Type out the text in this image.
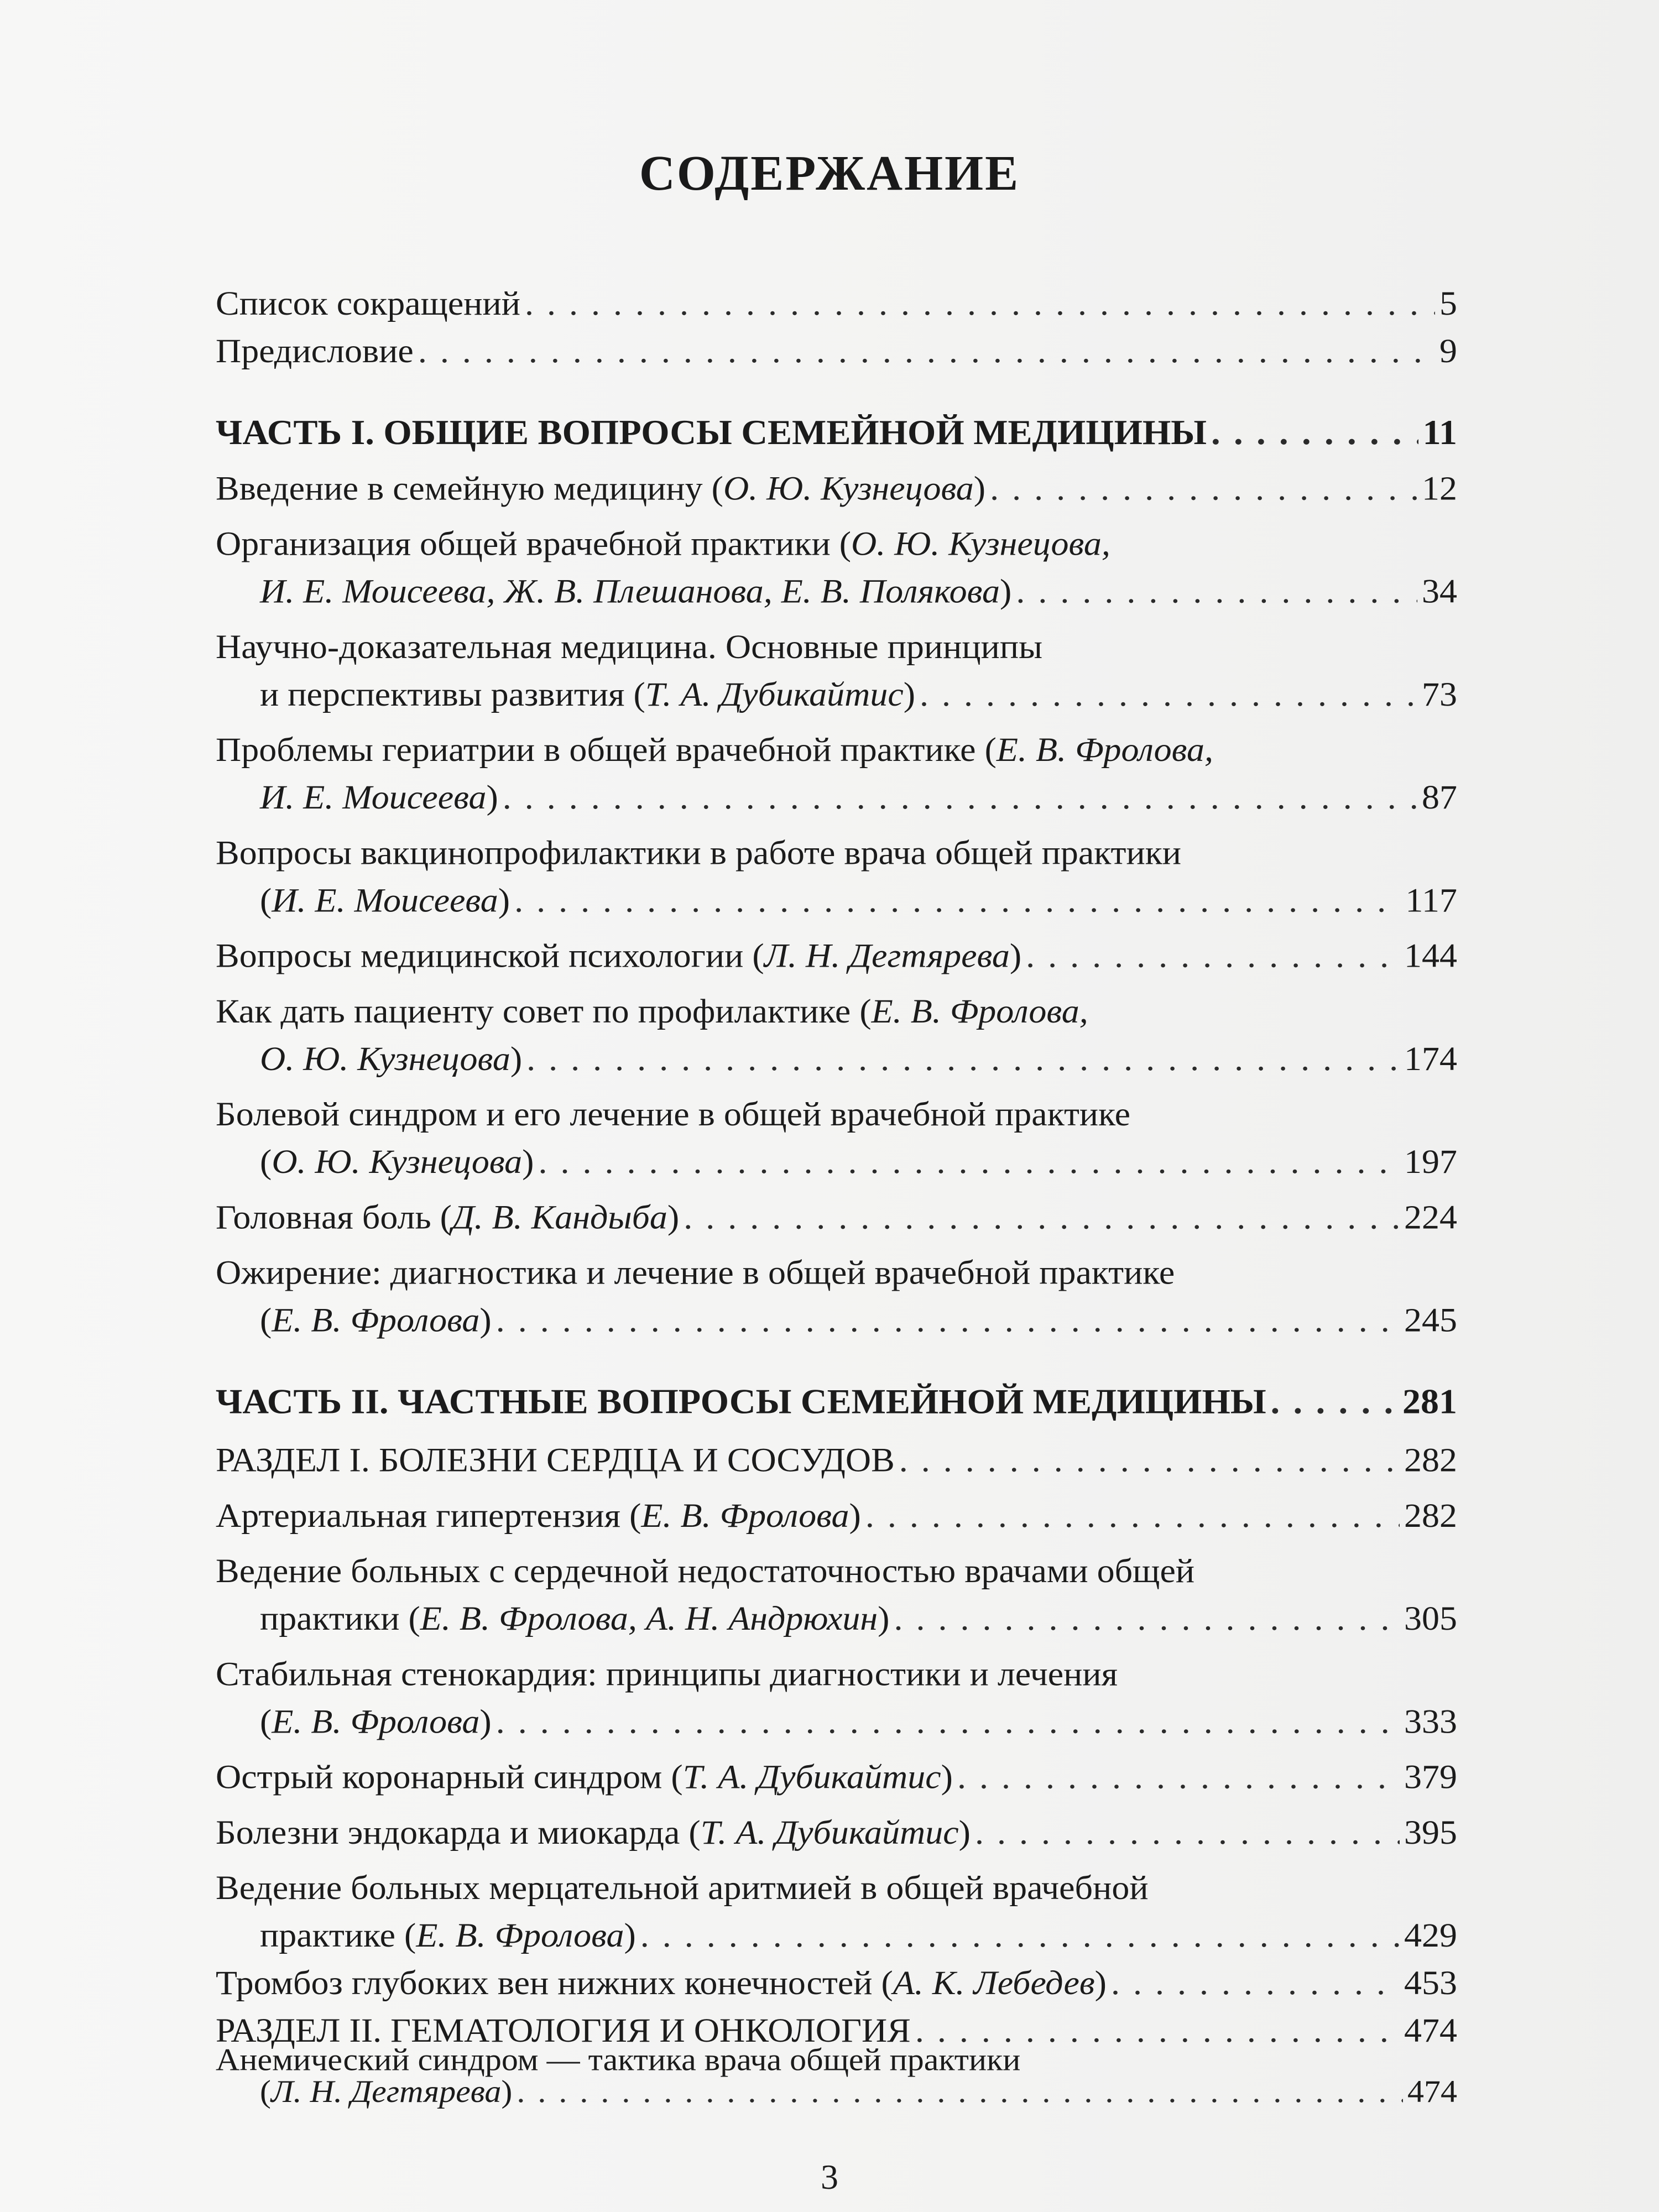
СОДЕРЖАНИЕ
Список сокращений . . .	5
Предисловие . . .	9
ЧАСТЬ I. ОБЩИЕ ВОПРОСЫ СЕМЕЙНОЙ МЕДИЦИНЫ . . .	11
Введение в семейную медицину (О. Ю. Кузнецова) . . .	12
Организация общей врачебной практики (О. Ю. Кузнецова,
И. Е. Моисеева, Ж. В. Плешанова, Е. В. Полякова) . . .	34
Научно-доказательная медицина. Основные принципы
и перспективы развития (Т. А. Дубикайтис) . . .	73
Проблемы гериатрии в общей врачебной практике (Е. В. Фролова,
И. Е. Моисеева) . . .	87
Вопросы вакцинопрофилактики в работе врача общей практики
(И. Е. Моисеева) . . .	117
Вопросы медицинской психологии (Л. Н. Дегтярева) . . .	144
Как дать пациенту совет по профилактике (Е. В. Фролова,
О. Ю. Кузнецова) . . .	174
Болевой синдром и его лечение в общей врачебной практике
(О. Ю. Кузнецова) . . .	197
Головная боль (Д. В. Кандыба) . . .	224
Ожирение: диагностика и лечение в общей врачебной практике
(Е. В. Фролова) . . .	245
ЧАСТЬ II. ЧАСТНЫЕ ВОПРОСЫ СЕМЕЙНОЙ МЕДИЦИНЫ . . .	281
РАЗДЕЛ I. БОЛЕЗНИ СЕРДЦА И СОСУДОВ . . .	282
Артериальная гипертензия (Е. В. Фролова) . . .	282
Ведение больных с сердечной недостаточностью врачами общей
практики (Е. В. Фролова, А. Н. Андрюхин) . . .	305
Стабильная стенокардия: принципы диагностики и лечения
(Е. В. Фролова) . . .	333
Острый коронарный синдром (Т. А. Дубикайтис) . . .	379
Болезни эндокарда и миокарда (Т. А. Дубикайтис) . . .	395
Ведение больных мерцательной аритмией в общей врачебной
практике (Е. В. Фролова) . . .	429
Тромбоз глубоких вен нижних конечностей (А. К. Лебедев) . . .	453
РАЗДЕЛ II. ГЕМАТОЛОГИЯ И ОНКОЛОГИЯ . . .	474
Анемический синдром — тактика врача общей практики
(Л. Н. Дегтярева) . . .	474
3
